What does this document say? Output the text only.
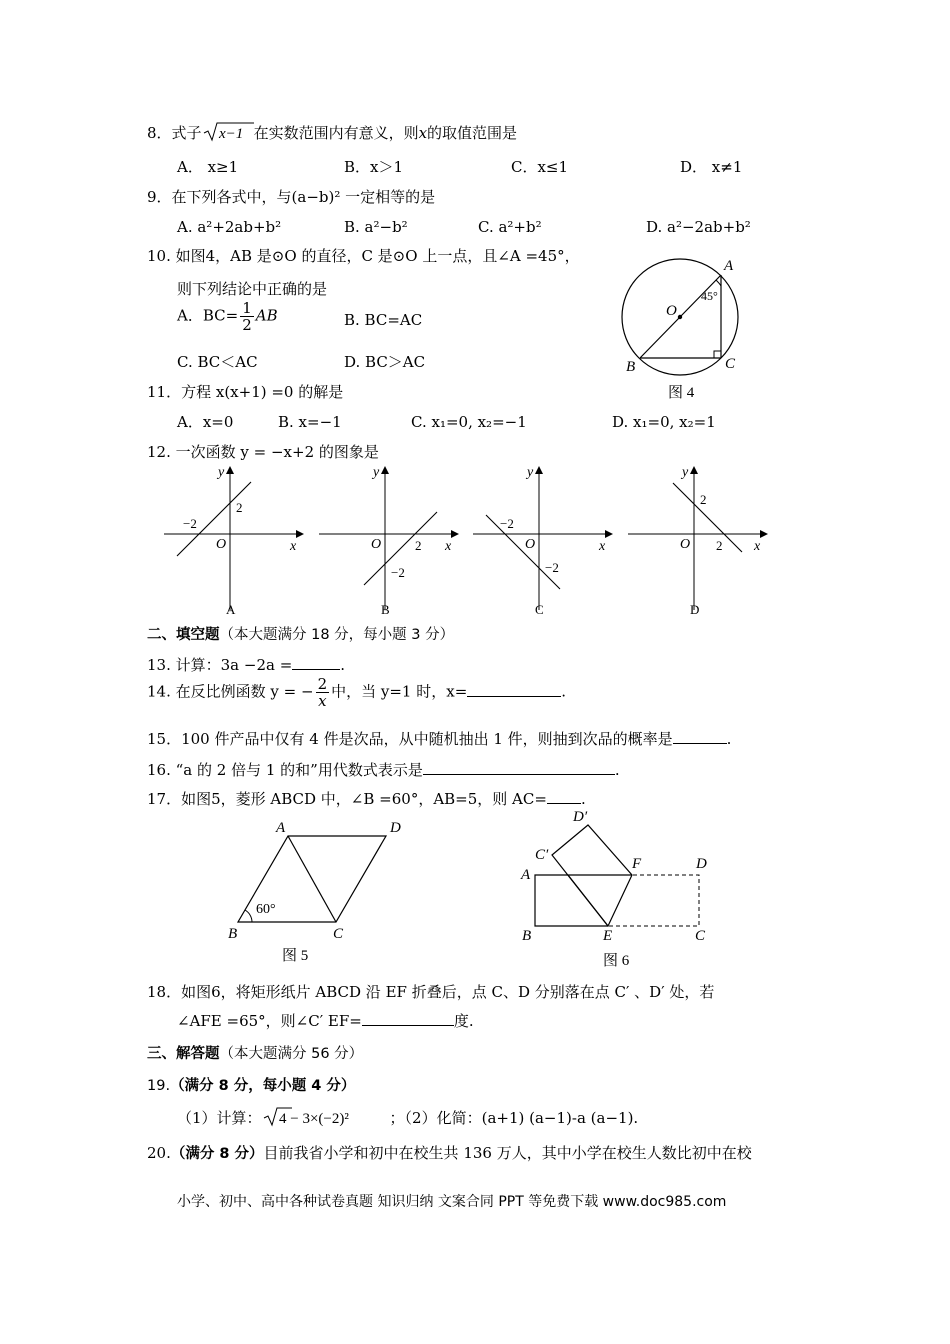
8．式子 x−1 在实数范围内有意义，则x的取值范围是
A． x≥1	B．x＞1	C．x≤1	D． x≠1
9．在下列各式中，与(a−b)² 一定相等的是
A. a²+2ab+b²	B. a²−b²	C. a²+b²	D. a²−2ab+b²
10. 如图4，AB 是⊙O 的直径，C 是⊙O 上一点，且∠A =45°，
则下列结论中正确的是
A．$BC= \frac{1}{2}$ AB	B. BC=AC
C. BC＜AC	D. BC＞AC
A
B	C
O
45°
图 4
11．方程 x(x+1) =0 的解是
A．x=0	B. x=−1	C. x₁=0, x₂=−1	D. x₁=0, x₂=1
12. 一次函数 y = −x+2 的图象是
y
x
O
−2
2
A
y
x
O	2
−2
B
y
x
O
−2
−2
C
y
x
O 2
2
D
二、填空题（本大题满分 18 分，每小题 3 分）
13. 计算：3a −2a =	.
14. 在反比例函数 y = − $\frac{2}{x}$ 中，当 y=1 时，x=	.
15．100 件产品中仅有 4 件是次品，从中随机抽出 1 件，则抽到次品的概率是	.
16. “a 的 2 倍与 1 的和”用代数式表示是	.
17．如图5，菱形 ABCD 中，∠B =60°，AB=5，则 AC= .
A	D
B	C
60°
图 5
D′
C′
A
F	D
B	E	C
图 6
18．如图6，将矩形纸片 ABCD 沿 EF 折叠后，点 C、D 分别落在点 C′ 、D′ 处，若
∠AFE =65°，则∠C′ EF=	度.
三、解答题（本大题满分 56 分）
19.（满分 8 分，每小题 4 分）
（1）计算： 4 − 3×(−2)²	；（2）化简：(a+1) (a−1)-a (a−1).
20.（满分 8 分）目前我省小学和初中在校生共 136 万人，其中小学在校生人数比初中在校
小学、初中、高中各种试卷真题 知识归纳 文案合同 PPT 等免费下载 www.doc985.com
